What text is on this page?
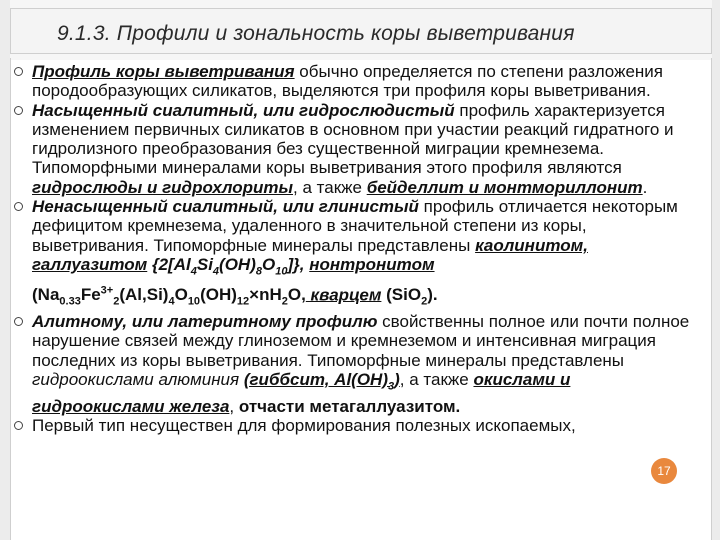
9.1.3. Профили и зональность коры выветривания
Профиль коры выветривания обычно определяется по степени разложения породообразующих силикатов, выделяются три профиля коры выветривания.
Насыщенный сиалитный, или гидрослюдистый профиль характеризуется изменением первичных силикатов в основном при участии реакций гидратного и гидролизного преобразования без существенной миграции кремнезема. Типоморфными минералами коры выветривания этого профиля являются гидрослюды и гидрохлориты, а также бейделлит и монтмориллонит.
Ненасыщенный сиалитный, или глинистый профиль отличается некоторым дефицитом кремнезема, удаленного в значительной степени из коры, выветривания. Типоморфные минералы представлены каолинитом, галлуазитом $\{2[Al_4Si_4(OH)_8O_{10}]\}$, нонтронитом ($Na_{0.33}Fe^{3+}_2(Al,Si)_4O_{10}(OH)_{12}\times nH_2O$, кварцем (SiO$_2$).
Алитному, или латеритному профилю свойственны полное или почти полное нарушение связей между глиноземом и кремнеземом и интенсивная миграция последних из коры выветривания. Типоморфные минералы представлены гидроокислами алюминия (гиббсит, $Al(OH)_3$), а также окислами и гидроокислами железа, отчасти метагаллуазитом.
Первый тип несуществен для формирования полезных ископаемых,
17
